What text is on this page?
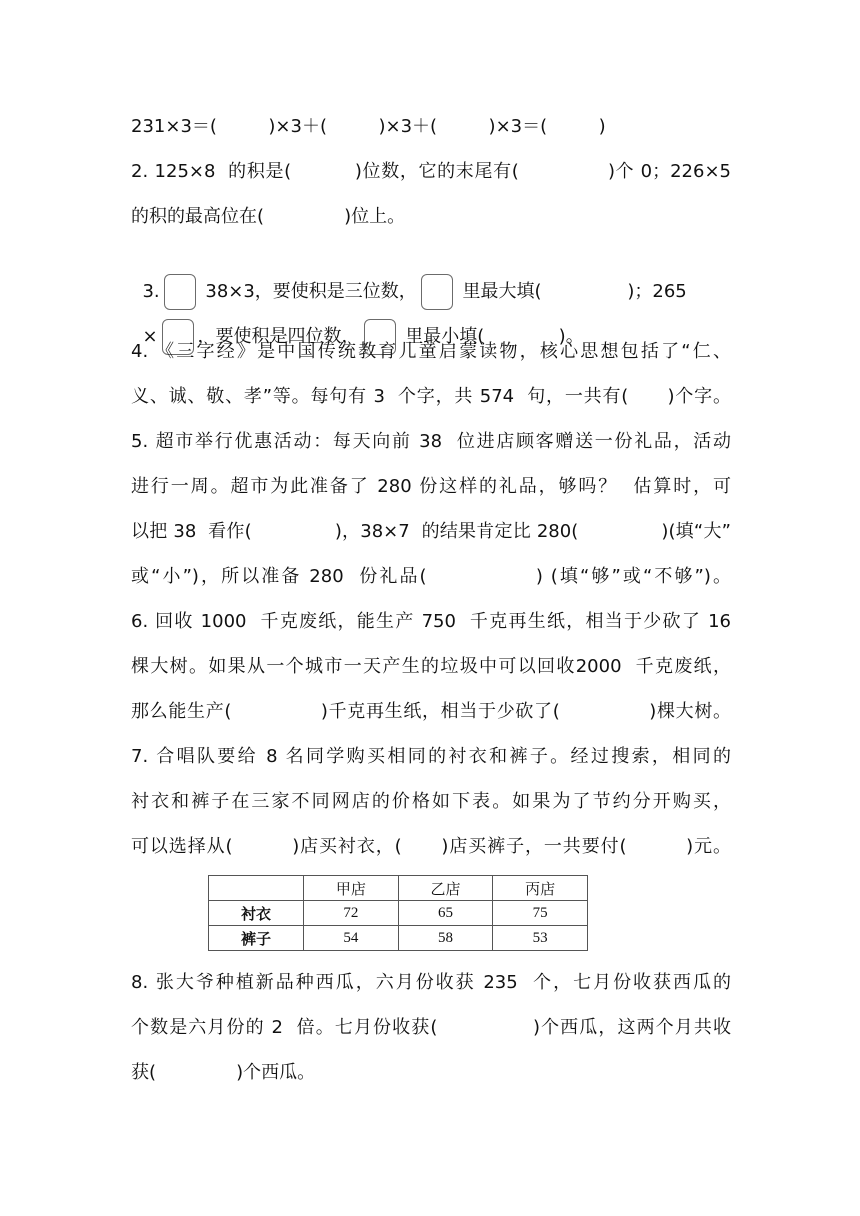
231×3＝(         )×3＋(         )×3＋(         )×3＝(         )
2. 125×8  的积是(          )位数，它的末尾有(              )个 0；226×5
的积的最高位在(              )位上。

3. 38×3，要使积是三位数， 里最大填(               )；265

× ，要使积是四位数， 里最小填(             )。

4. 《三字经》是中国传统教育儿童启蒙读物，核心思想包括了“仁、
义、诚、敬、孝”等。每句有 3  个字，共 574  句，一共有(      )个字。
5. 超市举行优惠活动：每天向前 38  位进店顾客赠送一份礼品，活动
进行一周。超市为此准备了 280 份这样的礼品，够吗？  估算时，可
以把 38  看作(              )，38×7  的结果肯定比 280(              )(填“大”
或“小”)，所以准备 280  份礼品(              ) (填“够”或“不够”)。
6. 回收 1000  千克废纸，能生产 750  千克再生纸，相当于少砍了 16
棵大树。如果从一个城市一天产生的垃圾中可以回收2000  千克废纸，
那么能生产(              )千克再生纸，相当于少砍了(              )棵大树。
7. 合唱队要给 8 名同学购买相同的衬衣和裤子。经过搜索，相同的
衬衣和裤子在三家不同网店的价格如下表。如果为了节约分开购买，
可以选择从(         )店买衬衣，(      )店买裤子，一共要付(         )元。
	甲店	乙店	丙店
衬衣	72	65	75
裤子	54	58	53
8. 张大爷种植新品种西瓜，六月份收获 235  个，七月份收获西瓜的
个数是六月份的 2  倍。七月份收获(              )个西瓜，这两个月共收
获(              )个西瓜。
